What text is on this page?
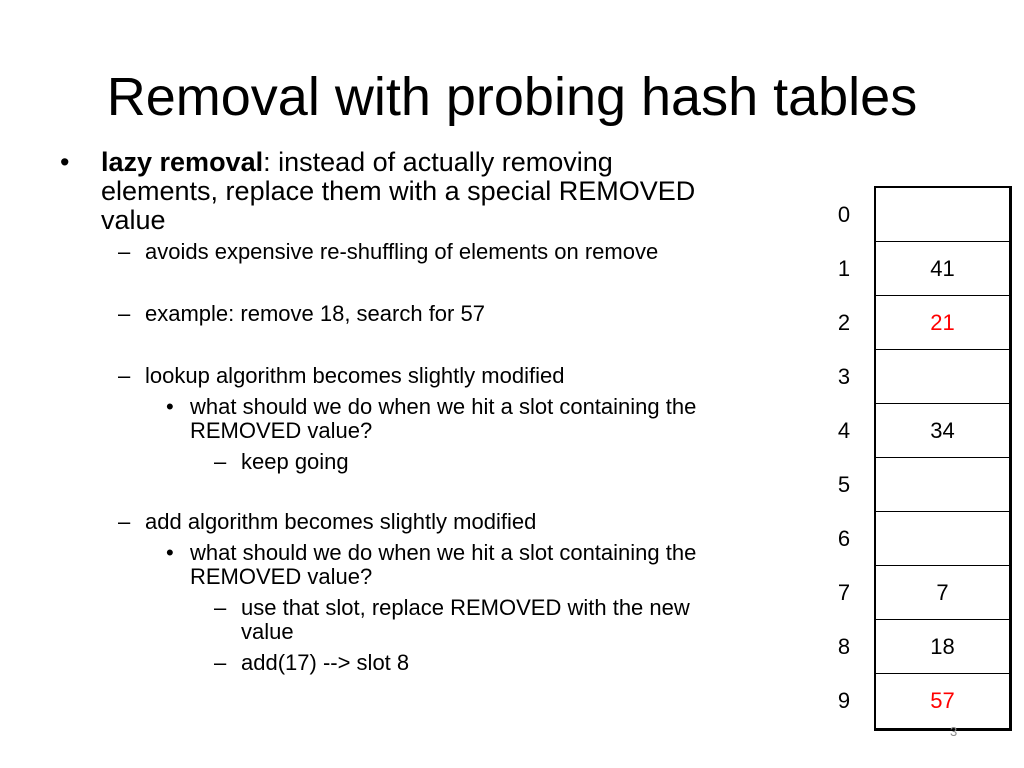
Removal with probing hash tables
• lazy removal: instead of actually removing
elements, replace them with a special REMOVED
value
– avoids expensive re-shuffling of elements on remove
– example: remove 18, search for 57
– lookup algorithm becomes slightly modified
• what should we do when we hit a slot containing the
REMOVED value?
– keep going
– add algorithm becomes slightly modified
• what should we do when we hit a slot containing the
REMOVED value?
– use that slot, replace REMOVED with the new
value
– add(17) --> slot 8
0
1
2
3
4
5
6
7
8
9
41
21
34
7
18
57
3
